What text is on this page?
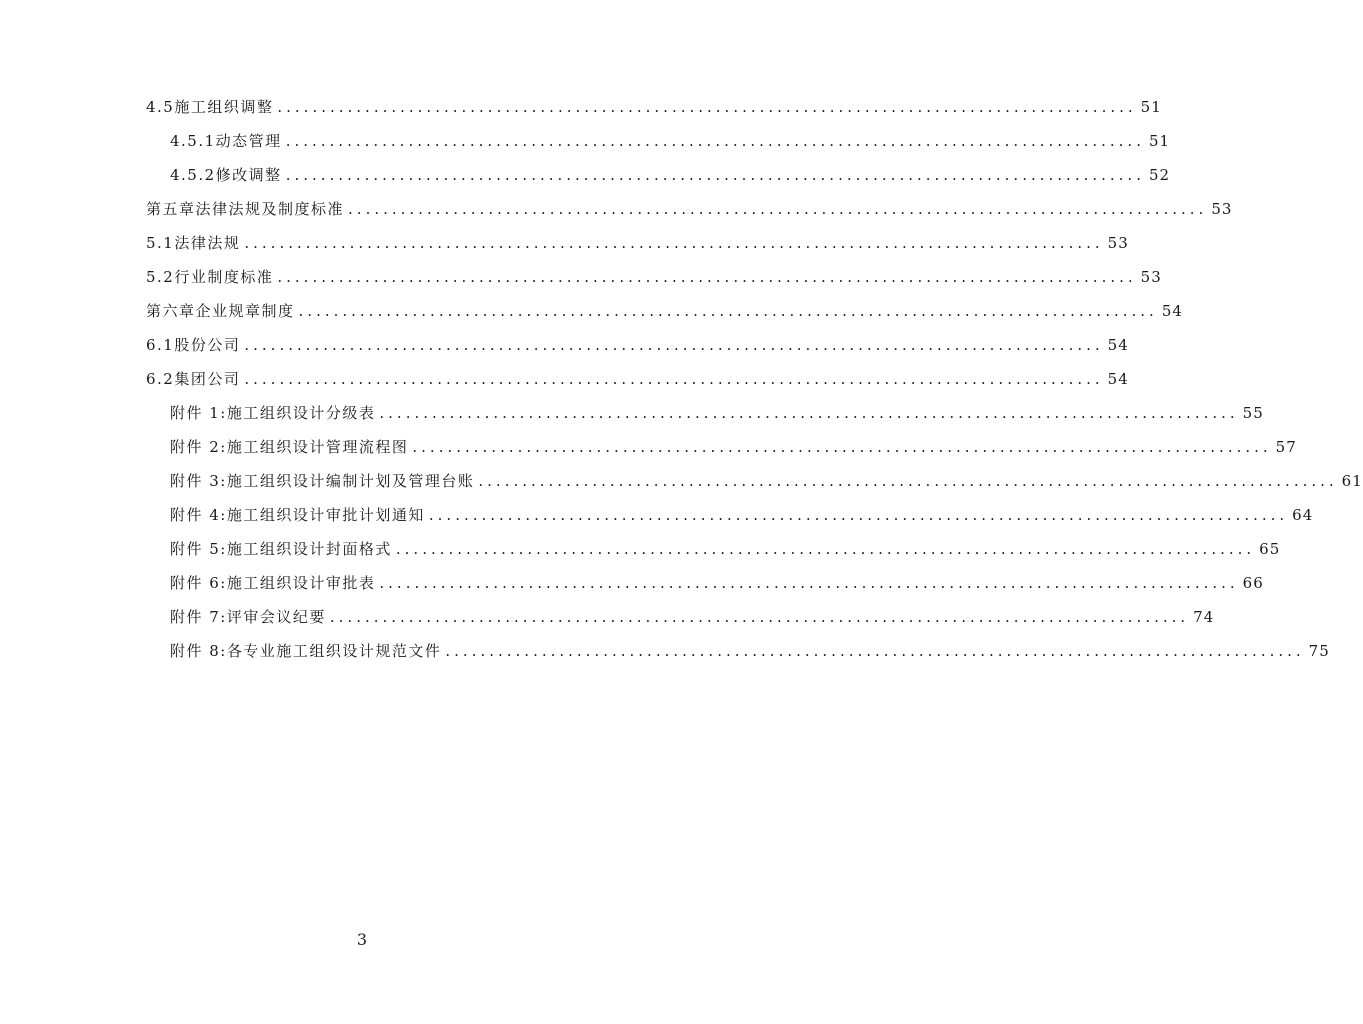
4.5 施工组织调整 .................................................................................................. 51
4.5.1 动态管理 .................................................................................................. 51
4.5.2 修改调整 .................................................................................................. 52
第五章 法律法规及制度标准 .................................................................................................. 53
5.1 法律法规 .................................................................................................. 53
5.2 行业制度标准 .................................................................................................. 53
第六章 企业规章制度 .................................................................................................. 54
6.1 股份公司 .................................................................................................. 54
6.2 集团公司 .................................................................................................. 54
附件 1: 施工组织设计分级表 .................................................................................................. 55
附件 2: 施工组织设计管理流程图 .................................................................................................. 57
附件 3: 施工组织设计编制计划及管理台账 .................................................................................................. 61
附件 4: 施工组织设计审批计划通知 .................................................................................................. 64
附件 5: 施工组织设计封面格式 .................................................................................................. 65
附件 6: 施工组织设计审批表 .................................................................................................. 66
附件 7: 评审会议纪要 .................................................................................................. 74
附件 8: 各专业施工组织设计规范文件 .................................................................................................. 75
3
